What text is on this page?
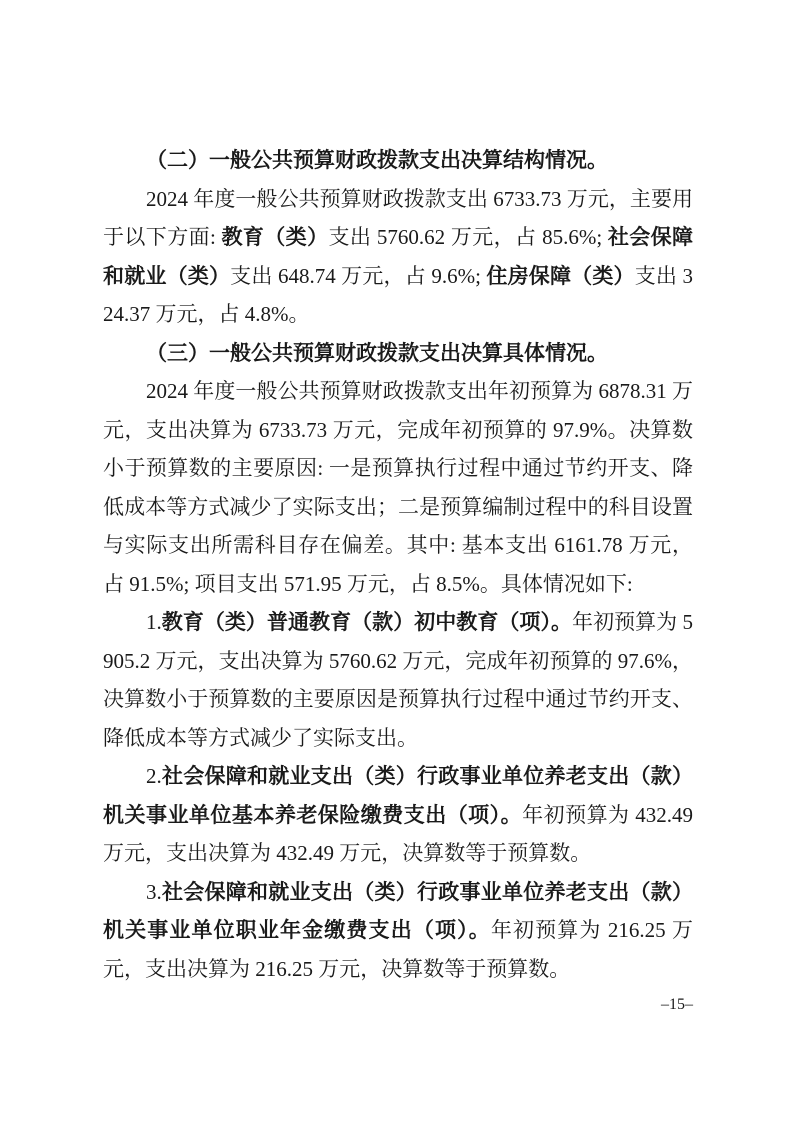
（二）一般公共预算财政拨款支出决算结构情况。

2024 年度一般公共预算财政拨款支出 6733.73 万元，主要用于以下方面: 教育（类）支出 5760.62 万元，占 85.6%; 社会保障和就业（类）支出 648.74 万元，占 9.6%; 住房保障（类）支出 324.37 万元，占 4.8%。

（三）一般公共预算财政拨款支出决算具体情况。

2024 年度一般公共预算财政拨款支出年初预算为 6878.31 万元，支出决算为 6733.73 万元，完成年初预算的 97.9%。决算数小于预算数的主要原因: 一是预算执行过程中通过节约开支、降低成本等方式减少了实际支出；二是预算编制过程中的科目设置与实际支出所需科目存在偏差。其中: 基本支出 6161.78 万元，占 91.5%; 项目支出 571.95 万元，占 8.5%。具体情况如下:

1.教育（类）普通教育（款）初中教育（项）。年初预算为 5905.2 万元，支出决算为 5760.62 万元，完成年初预算的 97.6%，决算数小于预算数的主要原因是预算执行过程中通过节约开支、降低成本等方式减少了实际支出。

2.社会保障和就业支出（类）行政事业单位养老支出（款）机关事业单位基本养老保险缴费支出（项）。年初预算为 432.49 万元，支出决算为 432.49 万元，决算数等于预算数。

3.社会保障和就业支出（类）行政事业单位养老支出（款）机关事业单位职业年金缴费支出（项）。年初预算为 216.25 万元，支出决算为 216.25 万元，决算数等于预算数。

–15–
